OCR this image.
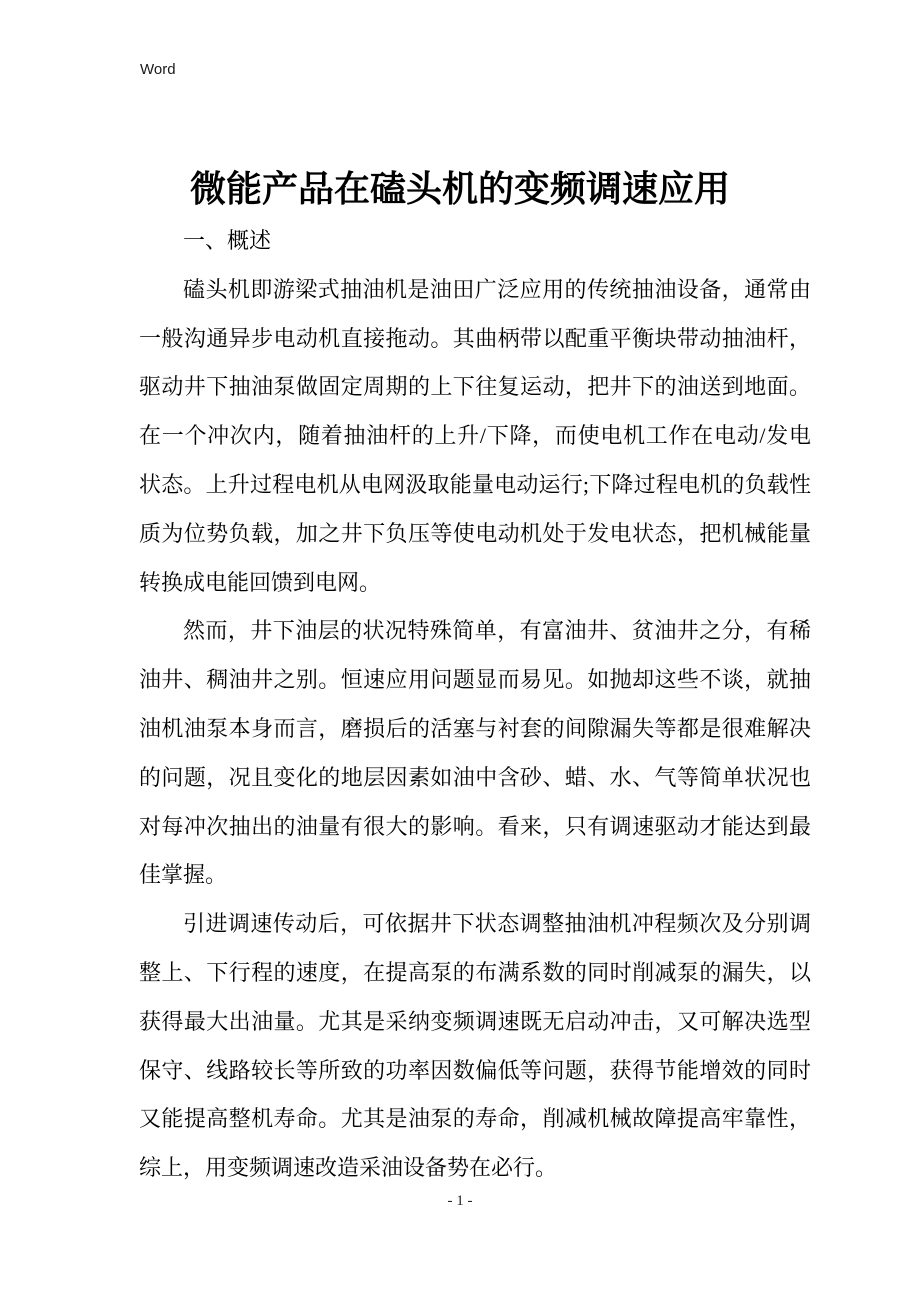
Word
微能产品在磕头机的变频调速应用

一、概述

磕头机即游梁式抽油机是油田广泛应用的传统抽油设备，通常由一般沟通异步电动机直接拖动。其曲柄带以配重平衡块带动抽油杆，驱动井下抽油泵做固定周期的上下往复运动，把井下的油送到地面。在一个冲次内，随着抽油杆的上升/下降，而使电机工作在电动/发电状态。上升过程电机从电网汲取能量电动运行;下降过程电机的负载性质为位势负载，加之井下负压等使电动机处于发电状态，把机械能量转换成电能回馈到电网。

然而，井下油层的状况特殊简单，有富油井、贫油井之分，有稀油井、稠油井之别。恒速应用问题显而易见。如抛却这些不谈，就抽油机油泵本身而言，磨损后的活塞与衬套的间隙漏失等都是很难解决的问题，况且变化的地层因素如油中含砂、蜡、水、气等简单状况也对每冲次抽出的油量有很大的影响。看来，只有调速驱动才能达到最佳掌握。

引进调速传动后，可依据井下状态调整抽油机冲程频次及分别调整上、下行程的速度，在提高泵的布满系数的同时削减泵的漏失，以获得最大出油量。尤其是采纳变频调速既无启动冲击，又可解决选型保守、线路较长等所致的功率因数偏低等问题，获得节能增效的同时又能提高整机寿命。尤其是油泵的寿命，削减机械故障提高牢靠性，综上，用变频调速改造采油设备势在必行。

- 1 -
